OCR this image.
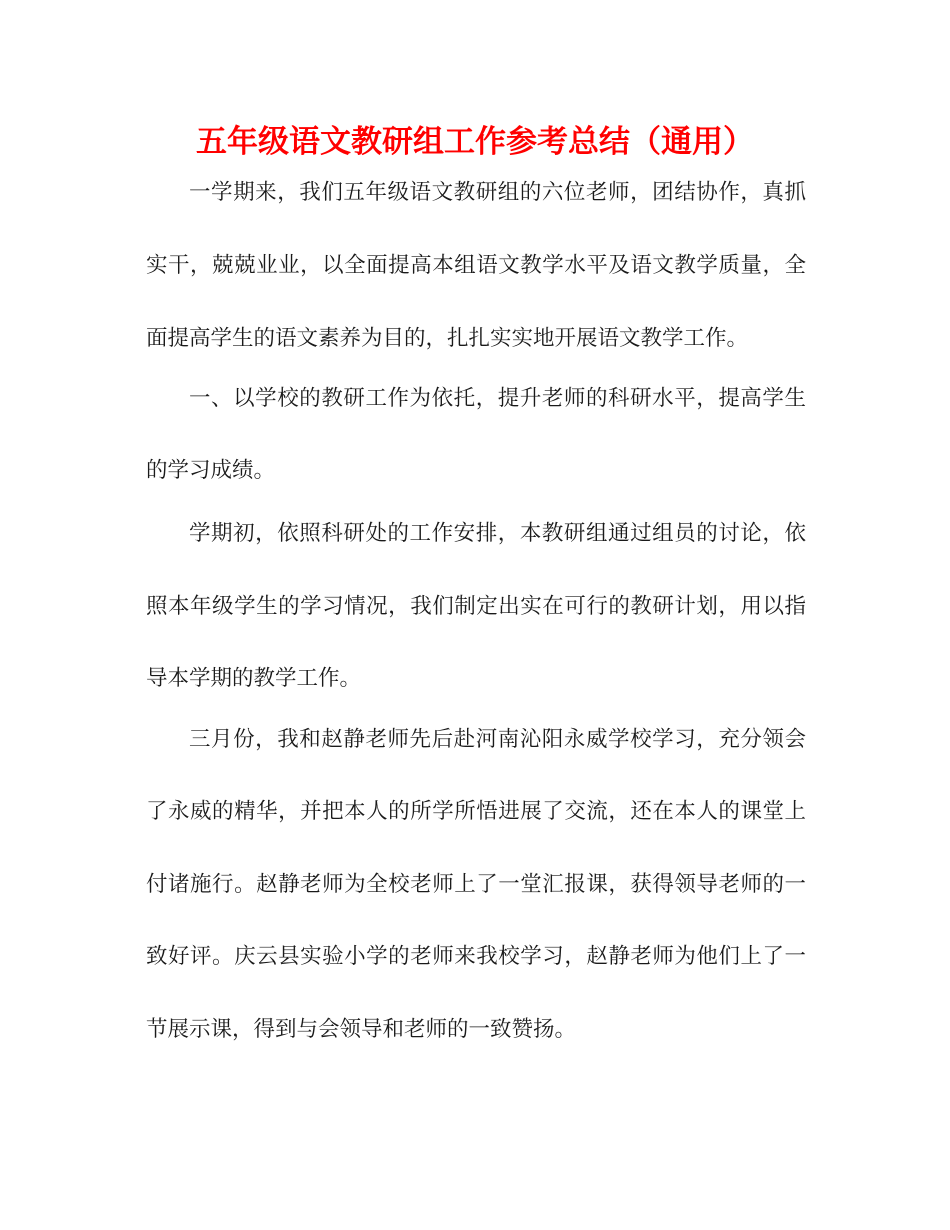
五年级语文教研组工作参考总结（通用）
一学期来，我们五年级语文教研组的六位老师，团结协作，真抓
实干，兢兢业业，以全面提高本组语文教学水平及语文教学质量，全
面提高学生的语文素养为目的，扎扎实实地开展语文教学工作。
一、以学校的教研工作为依托，提升老师的科研水平，提高学生
的学习成绩。
学期初，依照科研处的工作安排，本教研组通过组员的讨论，依
照本年级学生的学习情况，我们制定出实在可行的教研计划，用以指
导本学期的教学工作。
三月份，我和赵静老师先后赴河南沁阳永威学校学习，充分领会
了永威的精华，并把本人的所学所悟进展了交流，还在本人的课堂上
付诸施行。赵静老师为全校老师上了一堂汇报课，获得领导老师的一
致好评。庆云县实验小学的老师来我校学习，赵静老师为他们上了一
节展示课，得到与会领导和老师的一致赞扬。
